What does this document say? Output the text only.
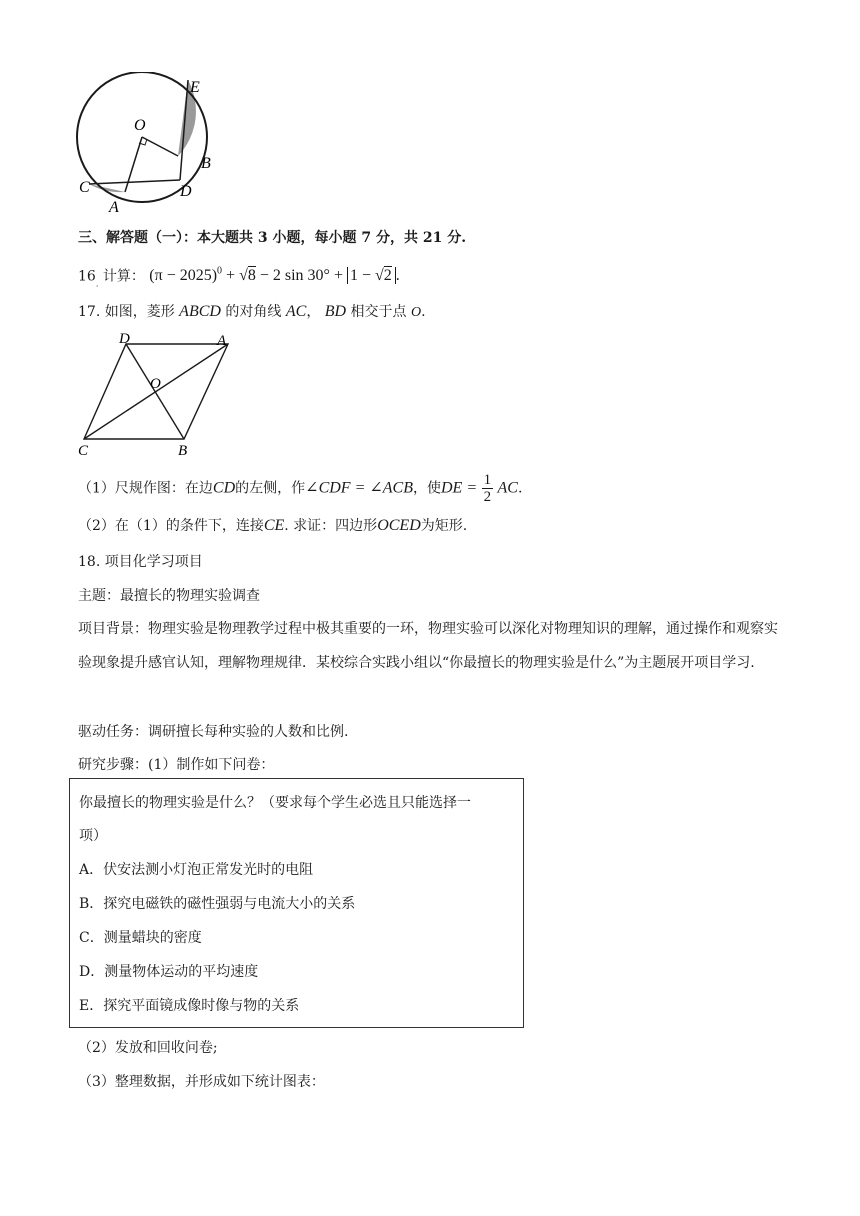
O
E
B
C	D
A
三、解答题（一）：本大题共 3 小题，每小题 7 分，共 21 分.
$16_.$ 计算： $(\pi - 2025)^0 + √8 - 2$ sin 30° + 1 − √2 .
17. 如图，菱形 ABCD 的对角线 AC， BD 相交于点 O.
D	A
O
C	B
（1）尺规作图：在边CD的左侧，作∠CDF = ∠ACB，使DE = $\frac{1}{2}$ AC.
（2）在（1）的条件下，连接CE. 求证：四边形OCED为矩形.
18. 项目化学习项目
主题：最擅长的物理实验调查
项目背景：物理实验是物理教学过程中极其重要的一环，物理实验可以深化对物理知识的理解，通过操作和观察实验现象提升感官认知，理解物理规律．某校综合实践小组以“你最擅长的物理实验是什么”为主题展开项目学习.
驱动任务：调研擅长每种实验的人数和比例.
研究步骤：(1）制作如下问卷：
你最擅长的物理实验是什么？（要求每个学生必选且只能选择一
项）
A．伏安法测小灯泡正常发光时的电阻
B．探究电磁铁的磁性强弱与电流大小的关系
C．测量蜡块的密度
D．测量物体运动的平均速度
E．探究平面镜成像时像与物的关系
（2）发放和回收问卷;
（3）整理数据，并形成如下统计图表：
